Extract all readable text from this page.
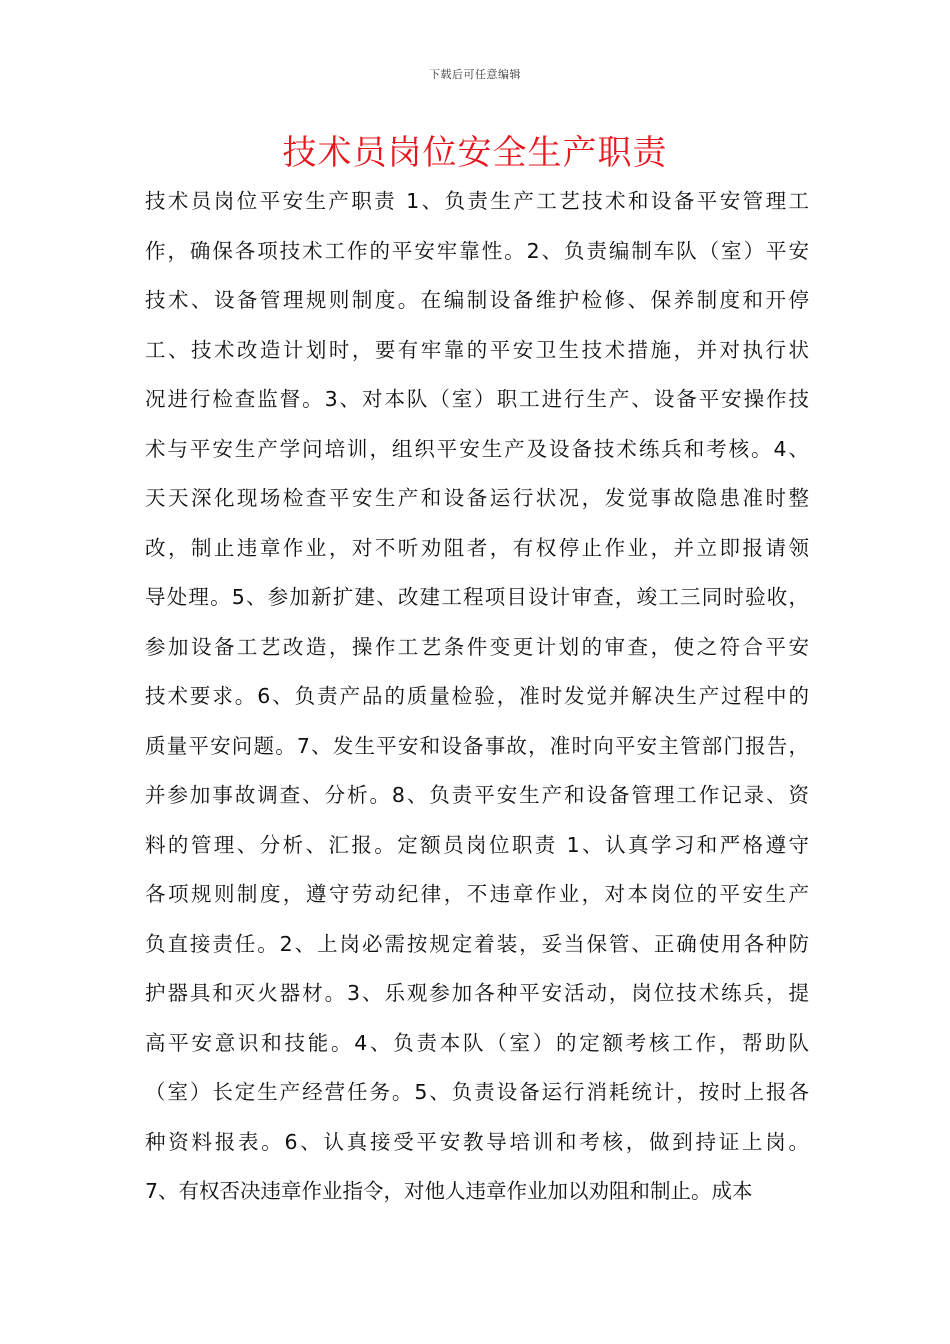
下载后可任意编辑
技术员岗位安全生产职责
技术员岗位平安生产职责 1、负责生产工艺技术和设备平安管理工
作，确保各项技术工作的平安牢靠性。2、负责编制车队（室）平安
技术、设备管理规则制度。在编制设备维护检修、保养制度和开停
工、技术改造计划时，要有牢靠的平安卫生技术措施，并对执行状
况进行检查监督。3、对本队（室）职工进行生产、设备平安操作技
术与平安生产学问培训，组织平安生产及设备技术练兵和考核。4、
天天深化现场检查平安生产和设备运行状况，发觉事故隐患准时整
改，制止违章作业，对不听劝阻者，有权停止作业，并立即报请领
导处理。5、参加新扩建、改建工程项目设计审查，竣工三同时验收，
参加设备工艺改造，操作工艺条件变更计划的审查，使之符合平安
技术要求。6、负责产品的质量检验，准时发觉并解决生产过程中的
质量平安问题。7、发生平安和设备事故，准时向平安主管部门报告，
并参加事故调查、分析。8、负责平安生产和设备管理工作记录、资
料的管理、分析、汇报。定额员岗位职责 1、认真学习和严格遵守
各项规则制度，遵守劳动纪律，不违章作业，对本岗位的平安生产
负直接责任。2、上岗必需按规定着装，妥当保管、正确使用各种防
护器具和灭火器材。3、乐观参加各种平安活动，岗位技术练兵，提
高平安意识和技能。4、负责本队（室）的定额考核工作，帮助队
（室）长定生产经营任务。5、负责设备运行消耗统计，按时上报各
种资料报表。6、认真接受平安教导培训和考核，做到持证上岗。
7、有权否决违章作业指令，对他人违章作业加以劝阻和制止。成本
